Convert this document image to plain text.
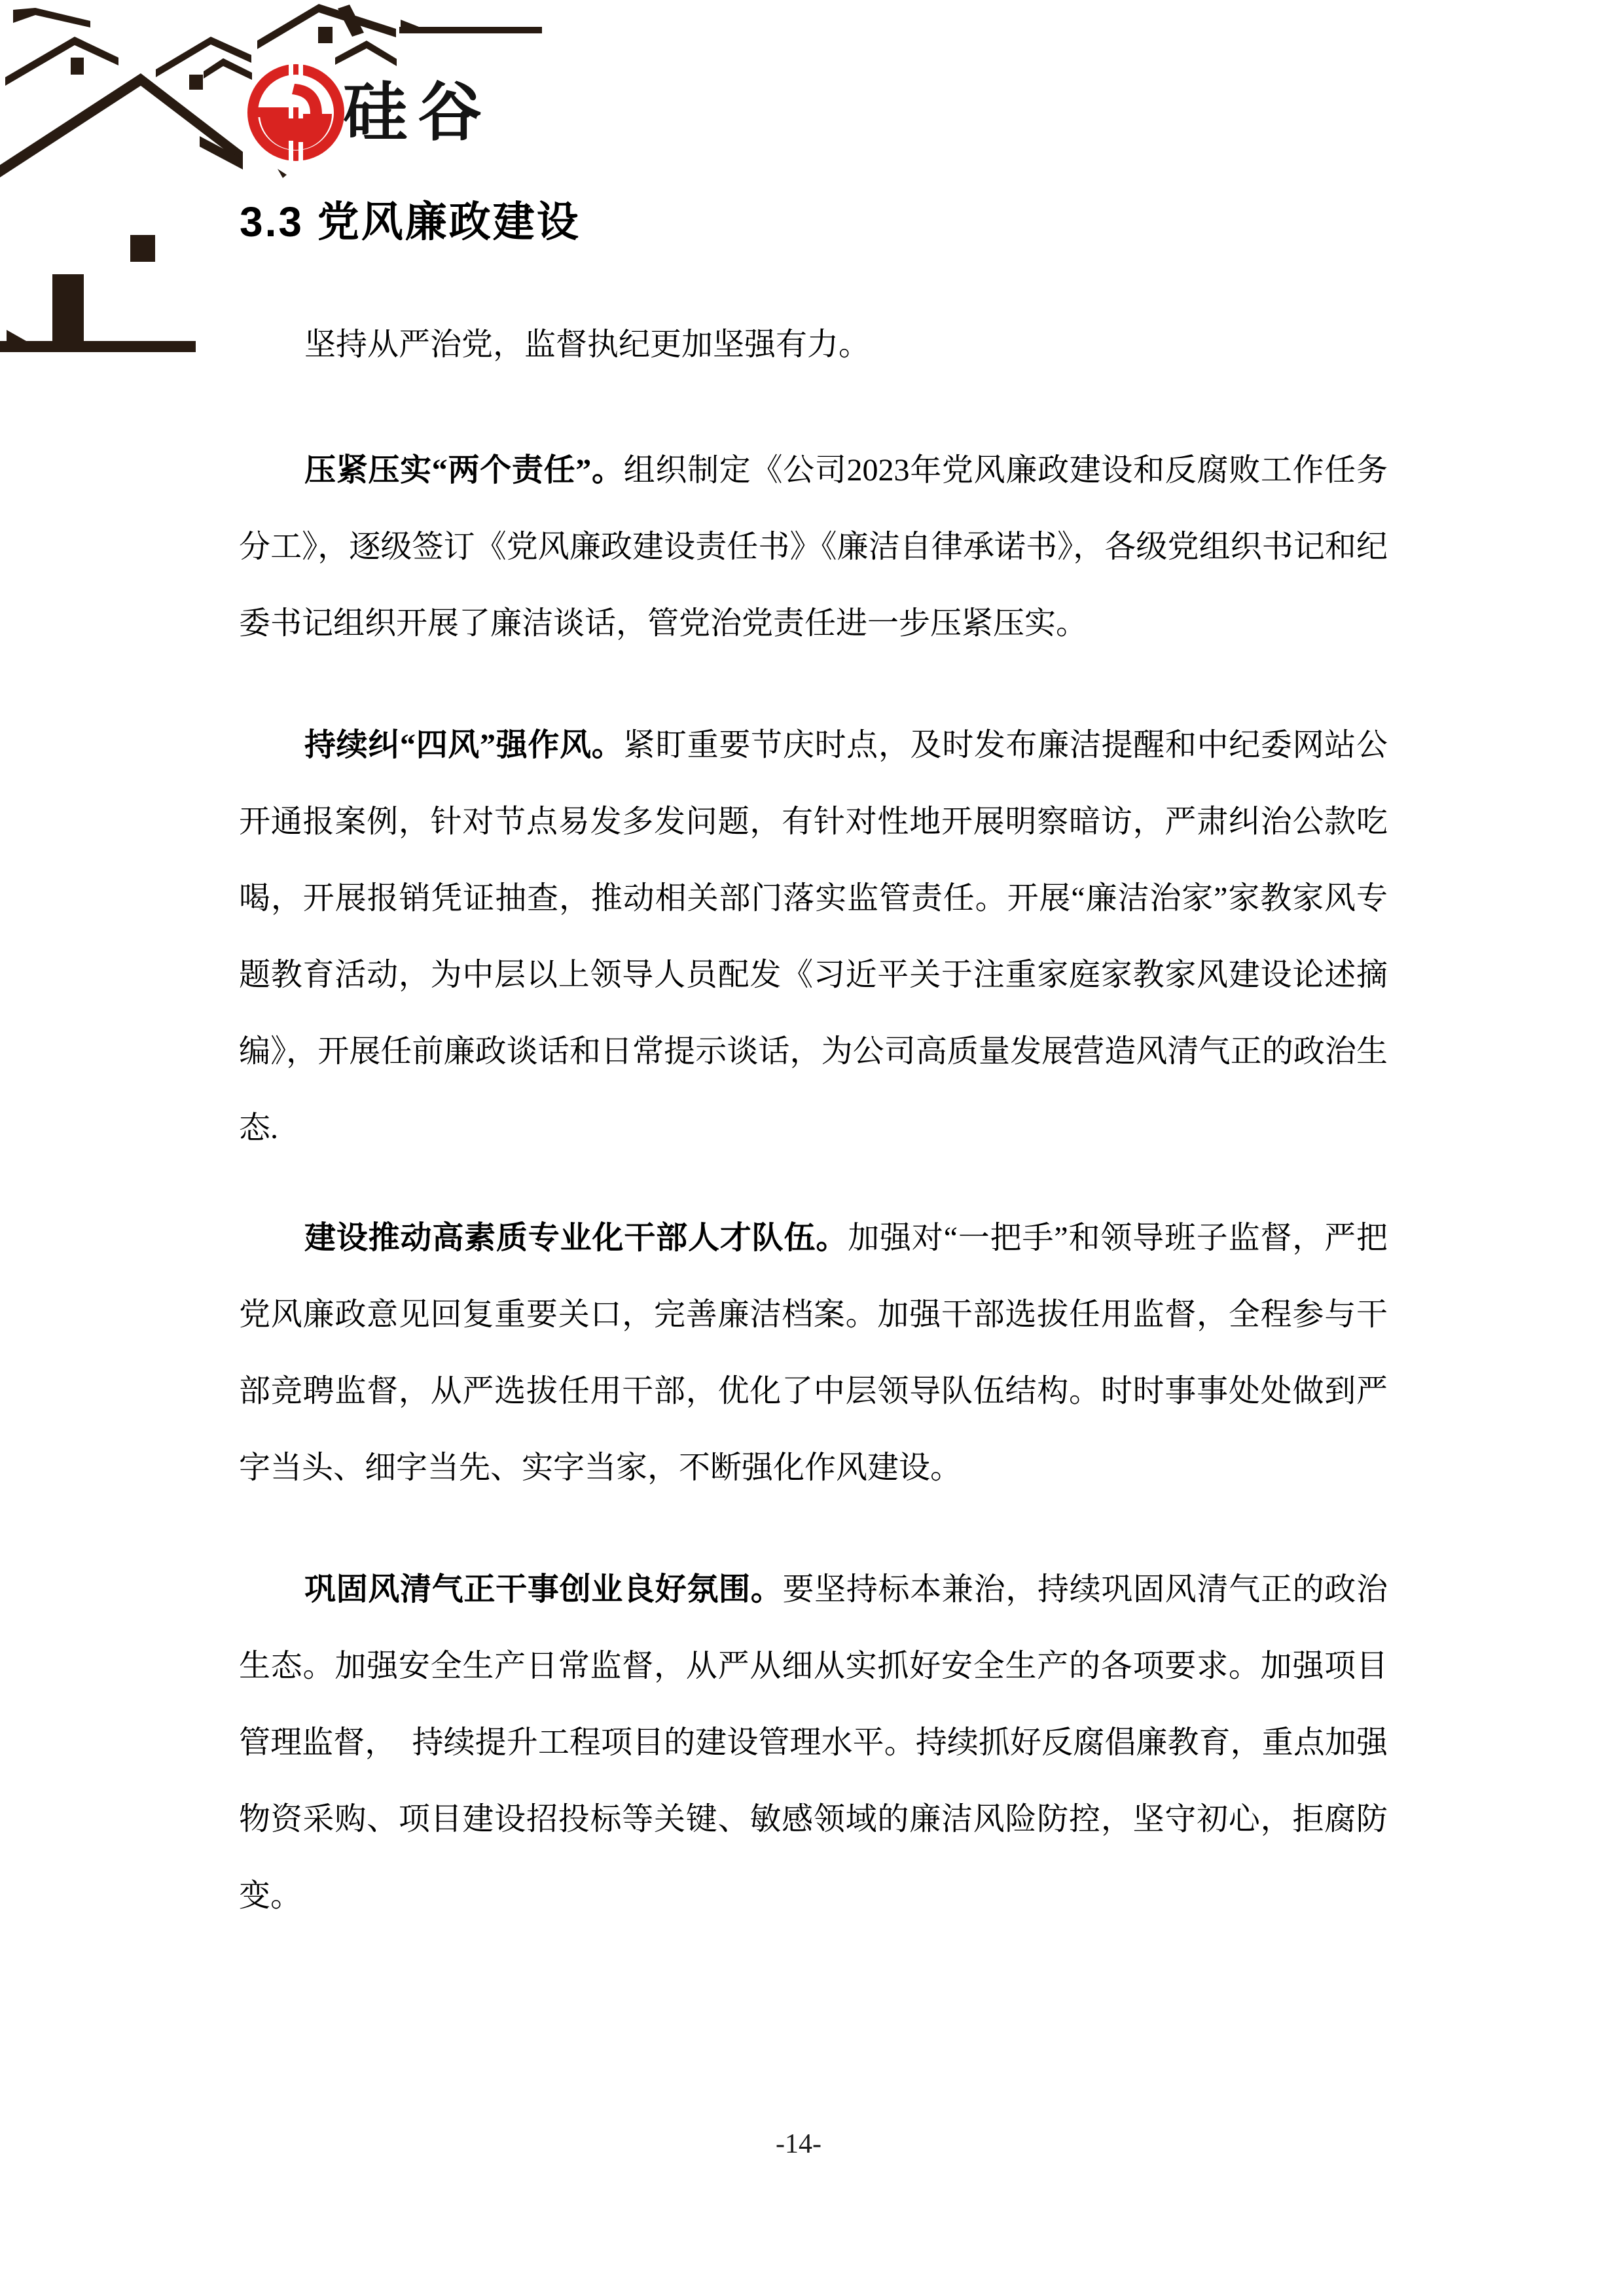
硅谷
3.3 党风廉政建设
坚持从严治党，监督执纪更加坚强有力。
压紧压实“两个责任”。组织制定《公司2023年党风廉政建设和反腐败工作任务分工》，逐级签订《党风廉政建设责任书》《廉洁自律承诺书》，各级党组织书记和纪委书记组织开展了廉洁谈话，管党治党责任进一步压紧压实。
持续纠“四风”强作风。紧盯重要节庆时点，及时发布廉洁提醒和中纪委网站公开通报案例，针对节点易发多发问题，有针对性地开展明察暗访，严肃纠治公款吃喝，开展报销凭证抽查，推动相关部门落实监管责任。开展“廉洁治家”家教家风专题教育活动，为中层以上领导人员配发《习近平关于注重家庭家教家风建设论述摘编》，开展任前廉政谈话和日常提示谈话，为公司高质量发展营造风清气正的政治生态.
建设推动高素质专业化干部人才队伍。加强对“一把手”和领导班子监督，严把党风廉政意见回复重要关口，完善廉洁档案。加强干部选拔任用监督，全程参与干部竞聘监督，从严选拔任用干部，优化了中层领导队伍结构。时时事事处处做到严字当头、细字当先、实字当家，不断强化作风建设。
巩固风清气正干事创业良好氛围。要坚持标本兼治，持续巩固风清气正的政治生态。加强安全生产日常监督，从严从细从实抓好安全生产的各项要求。加强项目管理监督，　持续提升工程项目的建设管理水平。持续抓好反腐倡廉教育，重点加强物资采购、项目建设招投标等关键、敏感领域的廉洁风险防控，坚守初心，拒腐防变。
-14-
